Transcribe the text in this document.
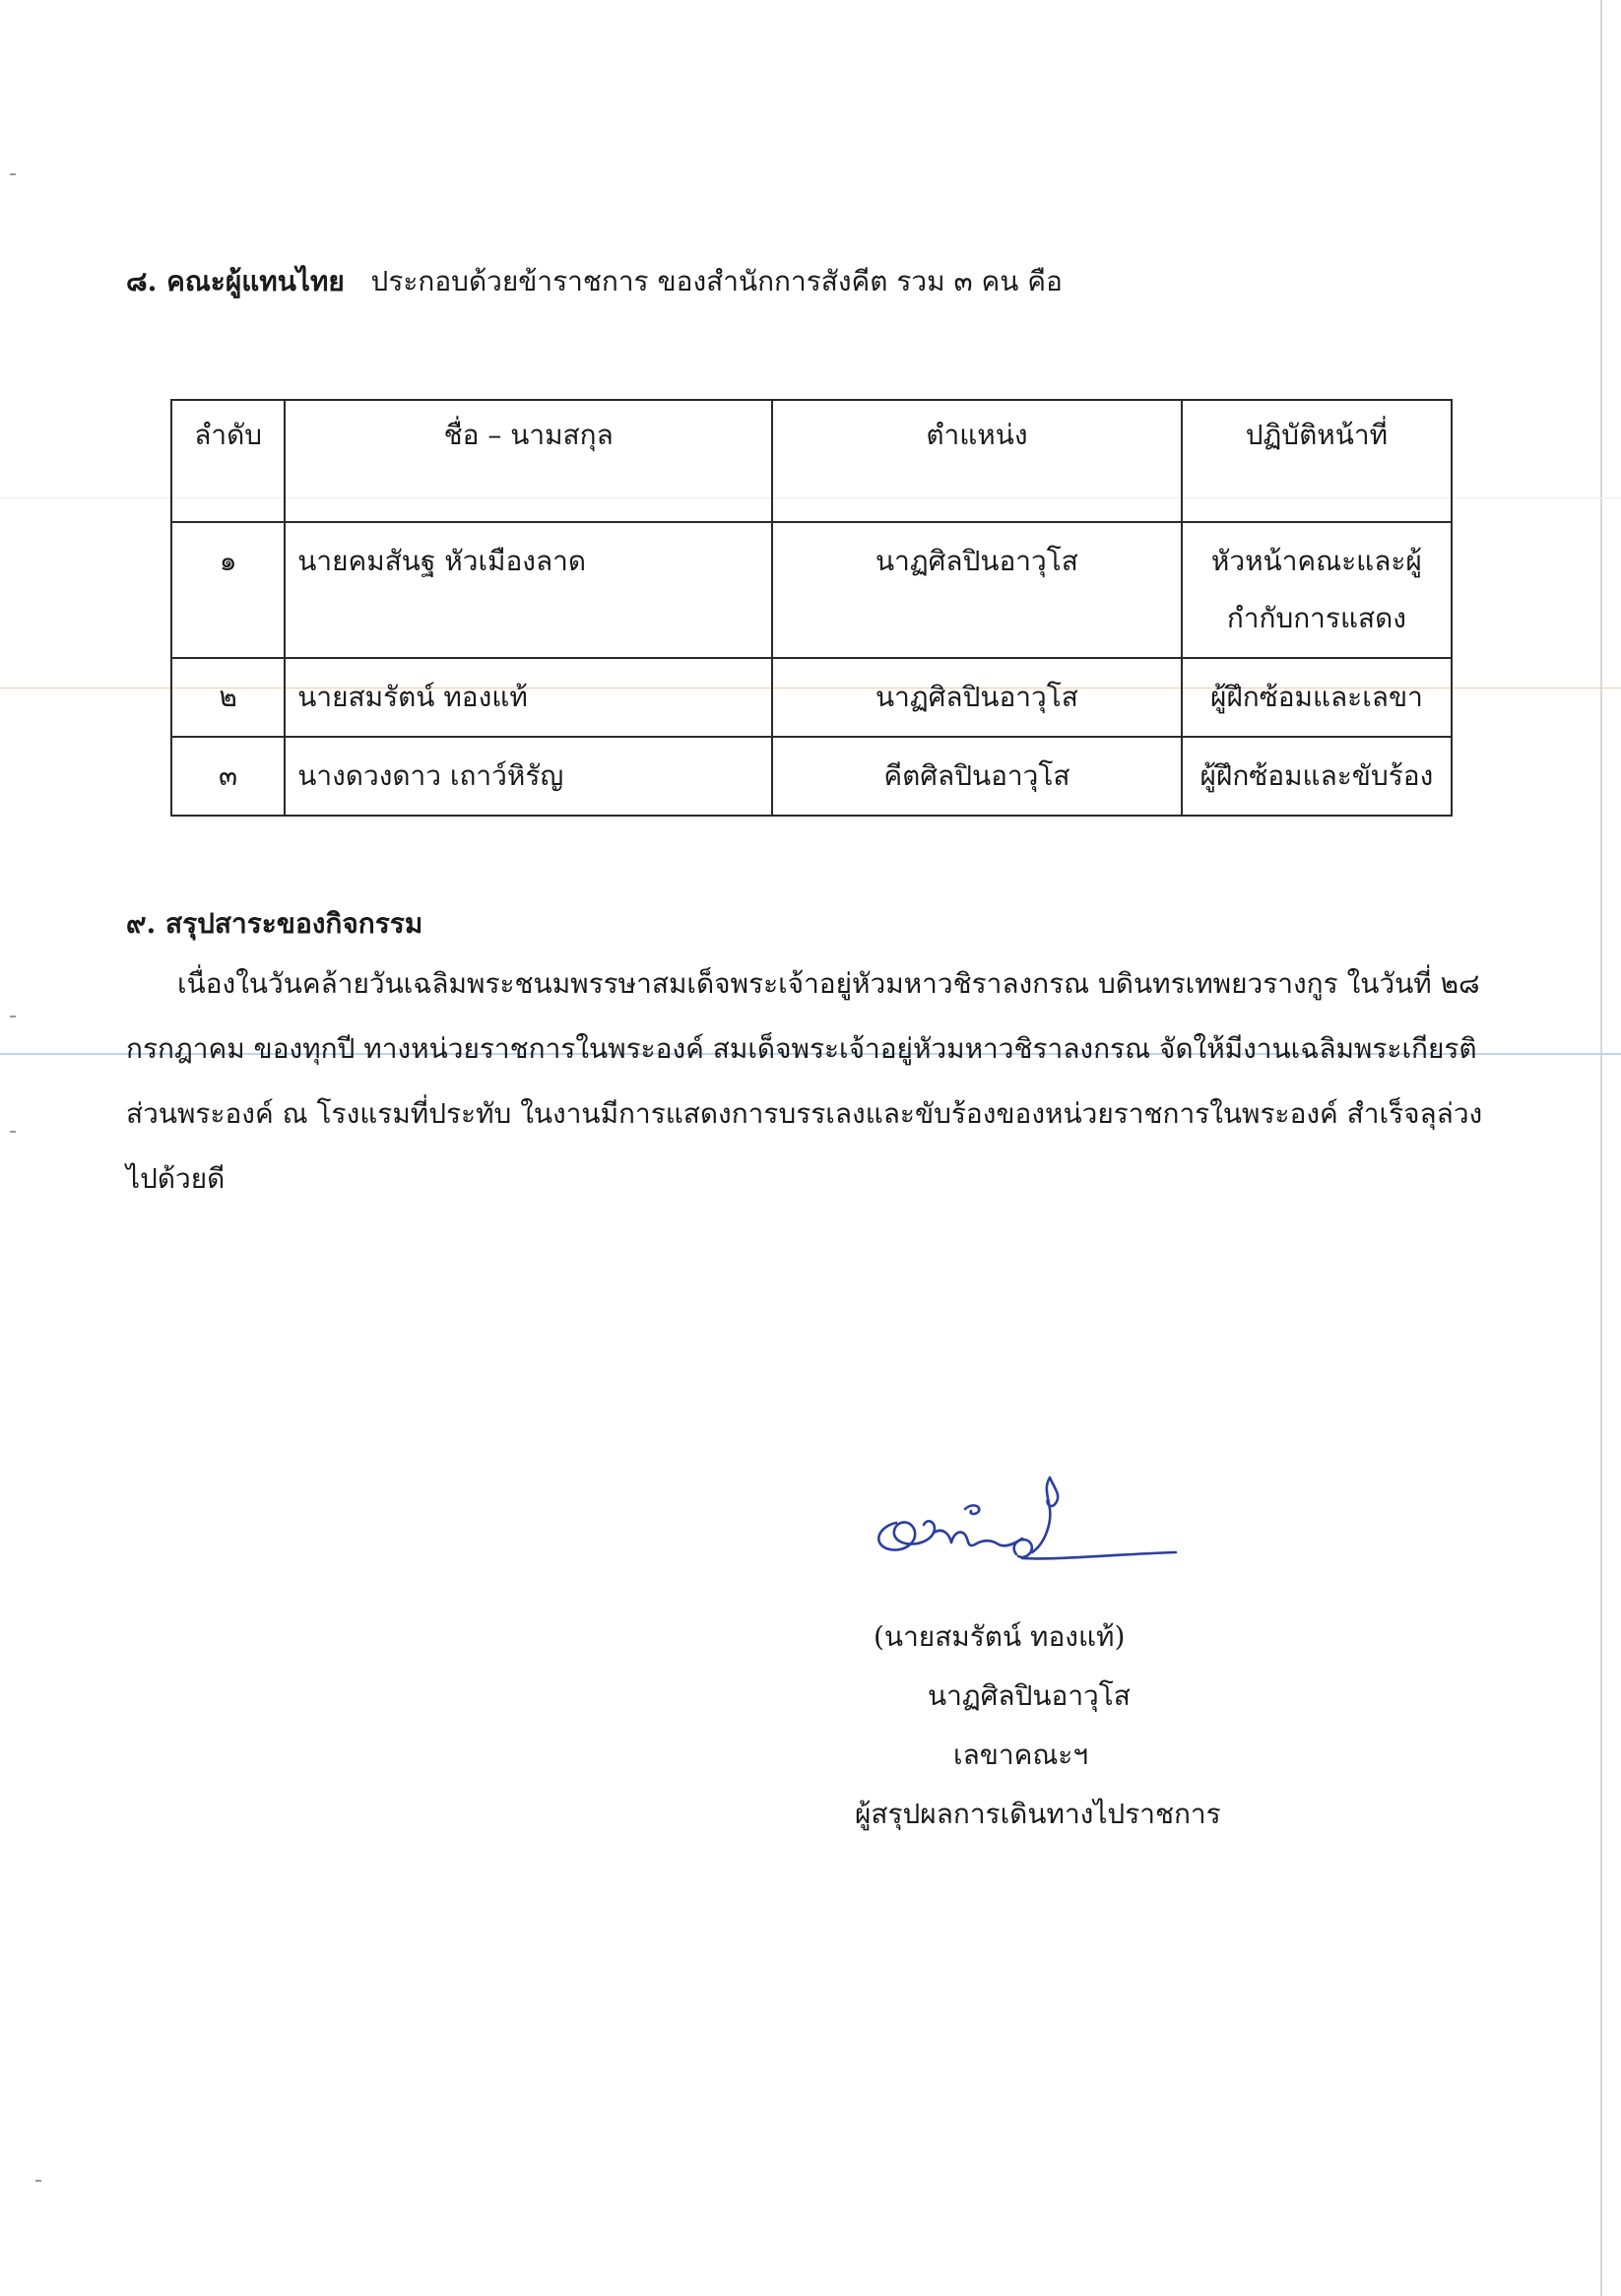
๘. คณะผู้แทนไทย ประกอบด้วยข้าราชการ ของสำนักการสังคีต รวม ๓ คน คือ
ลำดับ	ชื่อ – นามสกุล	ตำแหน่ง	ปฏิบัติหน้าที่
๑	นายคมสันฐ หัวเมืองลาด	นาฏศิลปินอาวุโส	หัวหน้าคณะและผู้กำกับการแสดง
๒	นายสมรัตน์ ทองแท้	นาฏศิลปินอาวุโส	ผู้ฝึกซ้อมและเลขา
๓	นางดวงดาว เถาว์หิรัญ	คีตศิลปินอาวุโส	ผู้ฝึกซ้อมและขับร้อง
๙. สรุปสาระของกิจกรรม
เนื่องในวันคล้ายวันเฉลิมพระชนมพรรษาสมเด็จพระเจ้าอยู่หัวมหาวชิราลงกรณ บดินทรเทพยวรางกูร ในวันที่ ๒๘ กรกฎาคม ของทุกปี ทางหน่วยราชการในพระองค์ สมเด็จพระเจ้าอยู่หัวมหาวชิราลงกรณ จัดให้มีงานเฉลิมพระเกียรติส่วนพระองค์ ณ โรงแรมที่ประทับ ในงานมีการแสดงการบรรเลงและขับร้องของหน่วยราชการในพระองค์ สำเร็จลุล่วงไปด้วยดี
(นายสมรัตน์ ทองแท้)
นาฏศิลปินอาวุโส
เลขาคณะฯ
ผู้สรุปผลการเดินทางไปราชการ
